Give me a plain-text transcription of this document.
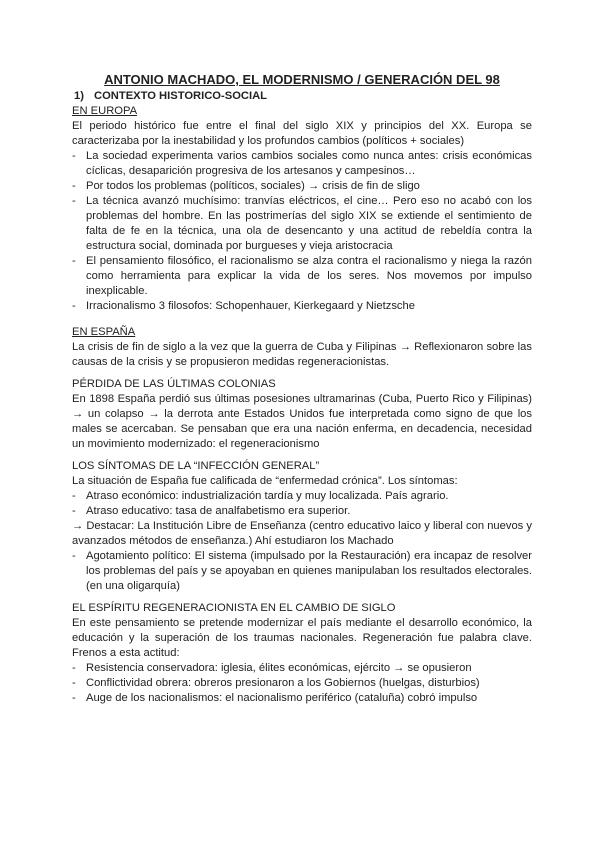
ANTONIO MACHADO, EL MODERNISMO / GENERACIÓN DEL 98
1) CONTEXTO HISTORICO-SOCIAL
EN EUROPA
El periodo histórico fue entre el final del siglo XIX y principios del XX. Europa se caracterizaba por la inestabilidad y los profundos cambios (políticos + sociales)
- La sociedad experimenta varios cambios sociales como nunca antes: crisis económicas cíclicas, desaparición progresiva de los artesanos y campesinos…
- Por todos los problemas (políticos, sociales) → crisis de fin de sligo
- La técnica avanzó muchísimo: tranvías eléctricos, el cine… Pero eso no acabó con los problemas del hombre. En las postrimerías del siglo XIX se extiende el sentimiento de falta de fe en la técnica, una ola de desencanto y una actitud de rebeldía contra la estructura social, dominada por burgueses y vieja aristocracia
- El pensamiento filosófico, el racionalismo se alza contra el racionalismo y niega la razón como herramienta para explicar la vida de los seres. Nos movemos por impulso inexplicable.
- Irracionalismo 3 filosofos: Schopenhauer, Kierkegaard y Nietzsche
EN ESPAÑA
La crisis de fin de siglo a la vez que la guerra de Cuba y Filipinas → Reflexionaron sobre las causas de la crisis y se propusieron medidas regeneracionistas.
PÉRDIDA DE LAS ÚLTIMAS COLONIAS
En 1898 España perdió sus últimas posesiones ultramarinas (Cuba, Puerto Rico y Filipinas) → un colapso → la derrota ante Estados Unidos fue interpretada como signo de que los males se acercaban. Se pensaban que era una nación enferma, en decadencia, necesidad un movimiento modernizado: el regeneracionismo
LOS SÍNTOMAS DE LA “INFECCIÓN GENERAL”
La situación de España fue calificada de “enfermedad crónica”. Los síntomas:
- Atraso económico: industrialización tardía y muy localizada. País agrario.
- Atraso educativo: tasa de analfabetismo era superior.
→ Destacar: La Institución Libre de Enseñanza (centro educativo laico y liberal con nuevos y avanzados métodos de enseñanza.) Ahí estudiaron los Machado
- Agotamiento político: El sistema (impulsado por la Restauración) era incapaz de resolver los problemas del país y se apoyaban en quienes manipulaban los resultados electorales. (en una oligarquía)
EL ESPÍRITU REGENERACIONISTA EN EL CAMBIO DE SIGLO
En este pensamiento se pretende modernizar el país mediante el desarrollo económico, la educación y la superación de los traumas nacionales. Regeneración fue palabra clave. Frenos a esta actitud:
- Resistencia conservadora: iglesia, élites económicas, ejército → se opusieron
- Conflictividad obrera: obreros presionaron a los Gobiernos (huelgas, disturbios)
- Auge de los nacionalismos: el nacionalismo periférico (cataluña) cobró impulso
